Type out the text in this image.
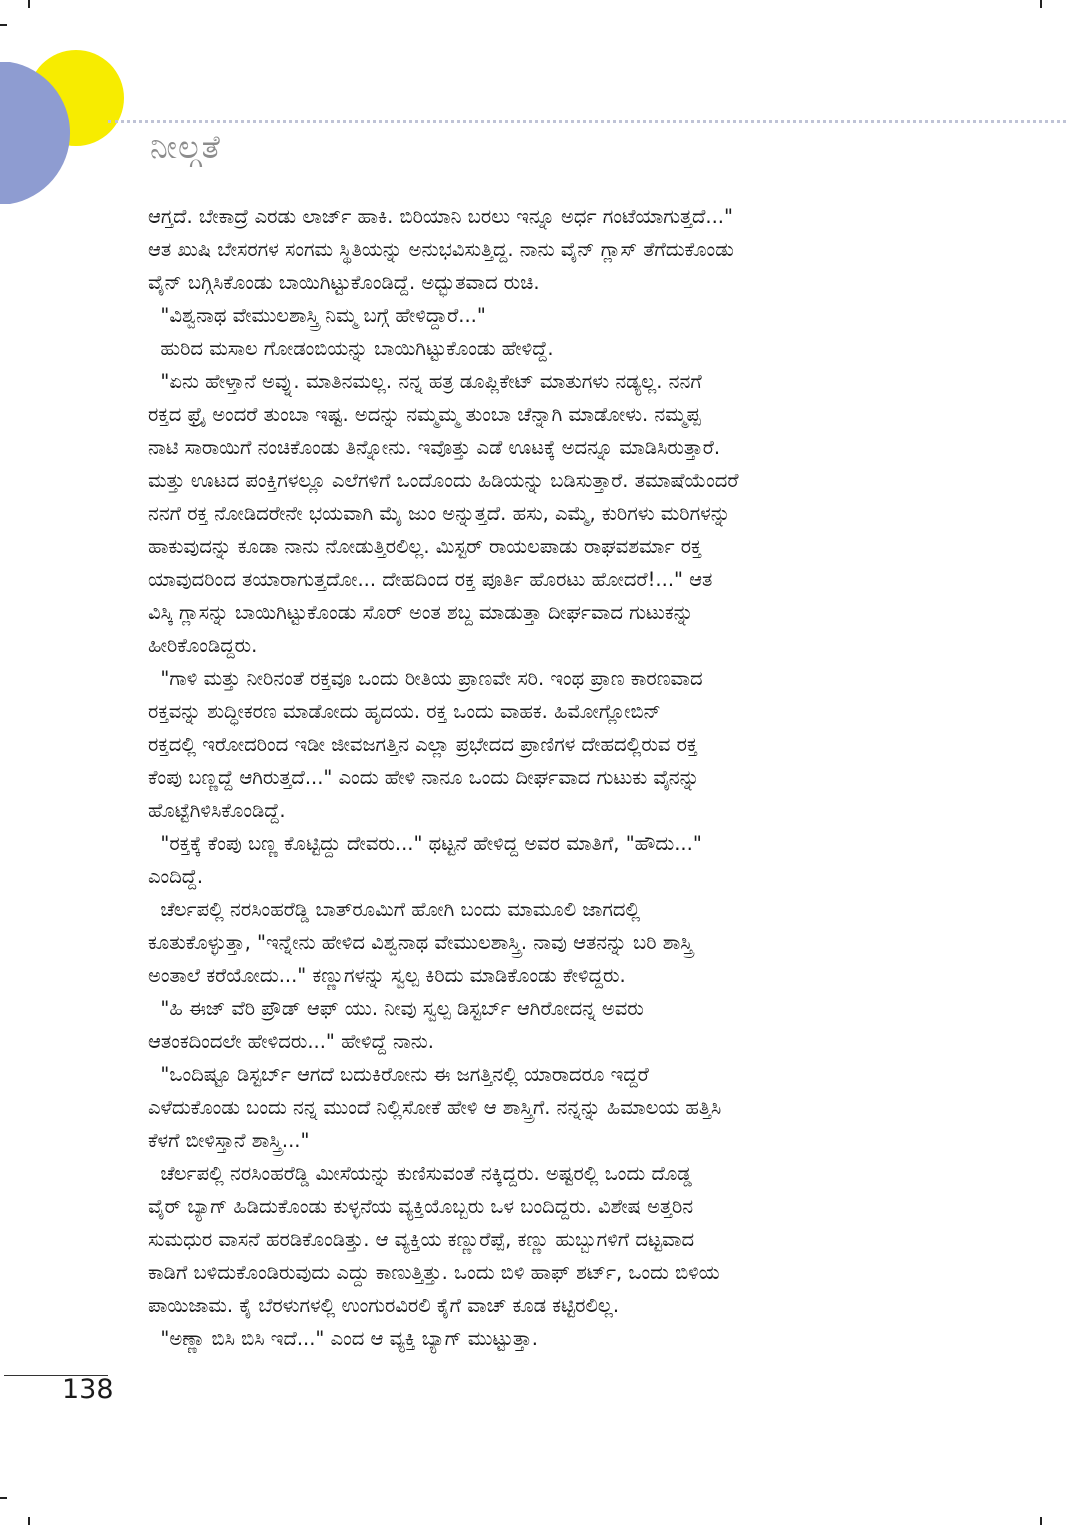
ನೀಲ್ಗತೆ

ಆಗ್ತದೆ. ಬೇಕಾದ್ರೆ ಎರಡು ಲಾರ್ಜ್ ಹಾಕಿ. ಬಿರಿಯಾನಿ ಬರಲು ಇನ್ನೂ ಅರ್ಧ ಗಂಟೆಯಾಗುತ್ತದೆ..."

ಆತ ಖುಷಿ ಬೇಸರಗಳ ಸಂಗಮ ಸ್ಥಿತಿಯನ್ನು ಅನುಭವಿಸುತ್ತಿದ್ದ. ನಾನು ವೈನ್ ಗ್ಲಾಸ್ ತೆಗೆದುಕೊಂಡು

ವೈನ್ ಬಗ್ಗಿಸಿಕೊಂಡು ಬಾಯಿಗಿಟ್ಟುಕೊಂಡಿದ್ದೆ. ಅದ್ಭುತವಾದ ರುಚಿ.

"ವಿಶ್ವನಾಥ ವೇಮುಲಶಾಸ್ತ್ರಿ ನಿಮ್ಮ ಬಗ್ಗೆ ಹೇಳಿದ್ದಾರೆ..."

ಹುರಿದ ಮಸಾಲ ಗೋಡಂಬಿಯನ್ನು ಬಾಯಿಗಿಟ್ಟುಕೊಂಡು ಹೇಳಿದ್ದೆ.

"ಏನು ಹೇಳ್ತಾನೆ ಅವ್ನು. ಮಾತಿನಮಲ್ಲ. ನನ್ನ ಹತ್ರ ಡೂಪ್ಲಿಕೇಟ್ ಮಾತುಗಳು ನಡ್ಯಲ್ಲ. ನನಗೆ

ರಕ್ತದ ಫ್ರೈ ಅಂದರೆ ತುಂಬಾ ಇಷ್ಟ. ಅದನ್ನು ನಮ್ಮಮ್ಮ ತುಂಬಾ ಚೆನ್ನಾಗಿ ಮಾಡೋಳು. ನಮ್ಮಪ್ಪ

ನಾಟಿ ಸಾರಾಯಿಗೆ ನಂಚಿಕೊಂಡು ತಿನ್ನೋನು. ಇವೊತ್ತು ಎಡೆ ಊಟಕ್ಕೆ ಅದನ್ನೂ ಮಾಡಿಸಿರುತ್ತಾರೆ.

ಮತ್ತು ಊಟದ ಪಂಕ್ತಿಗಳಲ್ಲೂ ಎಲೆಗಳಿಗೆ ಒಂದೊಂದು ಹಿಡಿಯನ್ನು ಬಡಿಸುತ್ತಾರೆ. ತಮಾಷೆಯೆಂದರೆ

ನನಗೆ ರಕ್ತ ನೋಡಿದರೇನೇ ಭಯವಾಗಿ ಮೈ ಜುಂ ಅನ್ನುತ್ತದೆ. ಹಸು, ಎಮ್ಮೆ, ಕುರಿಗಳು ಮರಿಗಳನ್ನು

ಹಾಕುವುದನ್ನು ಕೂಡಾ ನಾನು ನೋಡುತ್ತಿರಲಿಲ್ಲ. ಮಿಸ್ಟರ್ ರಾಯಲಪಾಡು ರಾಘವಶರ್ಮಾ ರಕ್ತ

ಯಾವುದರಿಂದ ತಯಾರಾಗುತ್ತದೋ... ದೇಹದಿಂದ ರಕ್ತ ಪೂರ್ತಿ ಹೊರಟು ಹೋದರೆ!..." ಆತ

ವಿಸ್ಕಿ ಗ್ಲಾಸನ್ನು ಬಾಯಿಗಿಟ್ಟುಕೊಂಡು ಸೊರ್ ಅಂತ ಶಬ್ದ ಮಾಡುತ್ತಾ ದೀರ್ಘವಾದ ಗುಟುಕನ್ನು

ಹೀರಿಕೊಂಡಿದ್ದರು.

"ಗಾಳಿ ಮತ್ತು ನೀರಿನಂತೆ ರಕ್ತವೂ ಒಂದು ರೀತಿಯ ಪ್ರಾಣವೇ ಸರಿ. ಇಂಥ ಪ್ರಾಣ ಕಾರಣವಾದ

ರಕ್ತವನ್ನು ಶುದ್ಧೀಕರಣ ಮಾಡೋದು ಹೃದಯ. ರಕ್ತ ಒಂದು ವಾಹಕ. ಹಿಮೋಗ್ಲೋಬಿನ್

ರಕ್ತದಲ್ಲಿ ಇರೋದರಿಂದ ಇಡೀ ಜೀವಜಗತ್ತಿನ ಎಲ್ಲಾ ಪ್ರಭೇದದ ಪ್ರಾಣಿಗಳ ದೇಹದಲ್ಲಿರುವ ರಕ್ತ

ಕೆಂಪು ಬಣ್ಣದ್ದೆ ಆಗಿರುತ್ತದೆ..." ಎಂದು ಹೇಳಿ ನಾನೂ ಒಂದು ದೀರ್ಘವಾದ ಗುಟುಕು ವೈನನ್ನು

ಹೊಟ್ಟೆಗಿಳಿಸಿಕೊಂಡಿದ್ದೆ.

"ರಕ್ತಕ್ಕೆ ಕೆಂಪು ಬಣ್ಣ ಕೊಟ್ಟಿದ್ದು ದೇವರು..." ಥಟ್ಟನೆ ಹೇಳಿದ್ದ ಅವರ ಮಾತಿಗೆ, "ಹೌದು..."

ಎಂದಿದ್ದೆ.

ಚೆರ್ಲಪಲ್ಲಿ ನರಸಿಂಹರೆಡ್ಡಿ ಬಾತ್‌ರೂಮಿಗೆ ಹೋಗಿ ಬಂದು ಮಾಮೂಲಿ ಜಾಗದಲ್ಲಿ

ಕೂತುಕೊಳ್ಳುತ್ತಾ, "ಇನ್ನೇನು ಹೇಳಿದ ವಿಶ್ವನಾಥ ವೇಮುಲಶಾಸ್ತ್ರಿ. ನಾವು ಆತನನ್ನು ಬರಿ ಶಾಸ್ತ್ರಿ

ಅಂತಾಲೆ ಕರೆಯೋದು..." ಕಣ್ಣುಗಳನ್ನು ಸ್ವಲ್ಪ ಕಿರಿದು ಮಾಡಿಕೊಂಡು ಕೇಳಿದ್ದರು.

"ಹಿ ಈಜ್ ವೆರಿ ಪ್ರೌಡ್ ಆಫ್ ಯು. ನೀವು ಸ್ವಲ್ಪ ಡಿಸ್ಟರ್ಬ್ ಆಗಿರೋದನ್ನ ಅವರು

ಆತಂಕದಿಂದಲೇ ಹೇಳಿದರು..." ಹೇಳಿದ್ದೆ ನಾನು.

"ಒಂದಿಷ್ಟೂ ಡಿಸ್ಟರ್ಬ್ ಆಗದೆ ಬದುಕಿರೋನು ಈ ಜಗತ್ತಿನಲ್ಲಿ ಯಾರಾದರೂ ಇದ್ದರೆ

ಎಳೆದುಕೊಂಡು ಬಂದು ನನ್ನ ಮುಂದೆ ನಿಲ್ಲಿಸೋಕೆ ಹೇಳಿ ಆ ಶಾಸ್ತ್ರಿಗೆ. ನನ್ನನ್ನು ಹಿಮಾಲಯ ಹತ್ತಿಸಿ

ಕೆಳಗೆ ಬೀಳಿಸ್ತಾನೆ ಶಾಸ್ತ್ರಿ..."

ಚೆರ್ಲಪಲ್ಲಿ ನರಸಿಂಹರೆಡ್ಡಿ ಮೀಸೆಯನ್ನು ಕುಣಿಸುವಂತೆ ನಕ್ಕಿದ್ದರು. ಅಷ್ಟರಲ್ಲಿ ಒಂದು ದೊಡ್ಡ

ವೈರ್ ಬ್ಯಾಗ್ ಹಿಡಿದುಕೊಂಡು ಕುಳ್ಳನೆಯ ವ್ಯಕ್ತಿಯೊಬ್ಬರು ಒಳ ಬಂದಿದ್ದರು. ವಿಶೇಷ ಅತ್ತರಿನ

ಸುಮಧುರ ವಾಸನೆ ಹರಡಿಕೊಂಡಿತ್ತು. ಆ ವ್ಯಕ್ತಿಯ ಕಣ್ಣುರೆಪ್ಪೆ, ಕಣ್ಣು ಹುಬ್ಬುಗಳಿಗೆ ದಟ್ಟವಾದ

ಕಾಡಿಗೆ ಬಳಿದುಕೊಂಡಿರುವುದು ಎದ್ದು ಕಾಣುತ್ತಿತ್ತು. ಒಂದು ಬಿಳಿ ಹಾಫ್ ಶರ್ಟ್, ಒಂದು ಬಿಳಿಯ

ಪಾಯಿಜಾಮ. ಕೈ ಬೆರಳುಗಳಲ್ಲಿ ಉಂಗುರವಿರಲಿ ಕೈಗೆ ವಾಚ್ ಕೂಡ ಕಟ್ಟಿರಲಿಲ್ಲ.

"ಅಣ್ಣಾ ಬಿಸಿ ಬಿಸಿ ಇದೆ..." ಎಂದ ಆ ವ್ಯಕ್ತಿ ಬ್ಯಾಗ್ ಮುಟ್ಟುತ್ತಾ.

138
